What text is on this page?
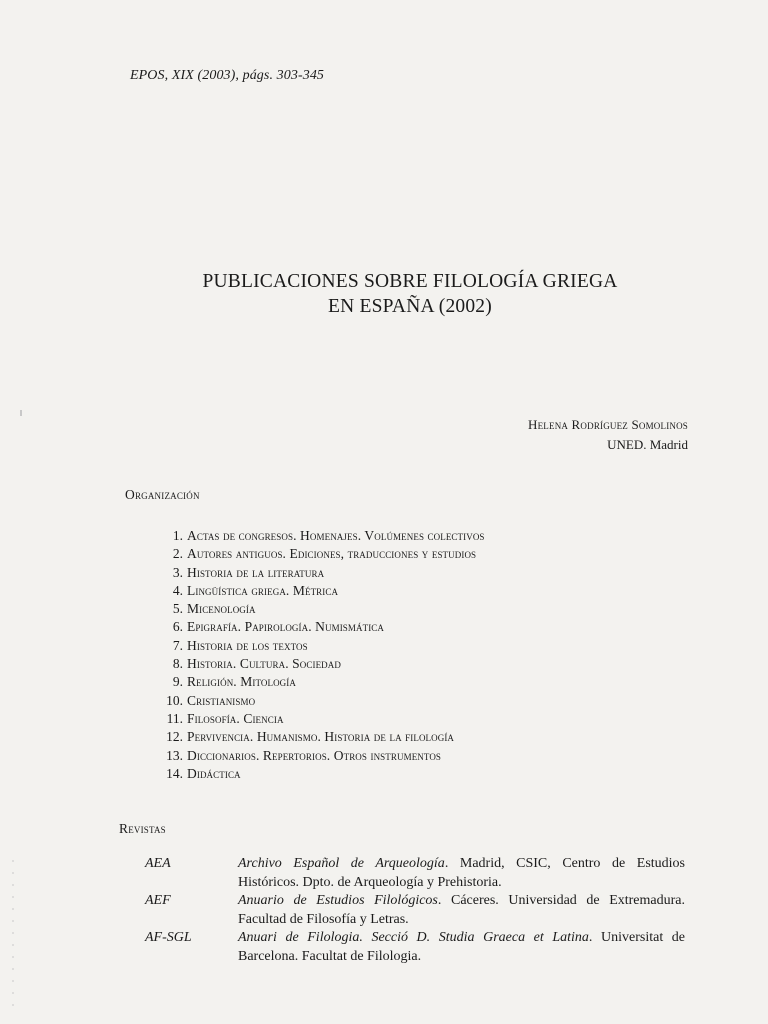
EPOS, XIX (2003), págs. 303-345
PUBLICACIONES SOBRE FILOLOGÍA GRIEGA
EN ESPAÑA (2002)
Helena Rodríguez Somolinos
UNED. Madrid
Organización
1. Actas de congresos. Homenajes. Volúmenes colectivos
2. Autores antiguos. Ediciones, traducciones y estudios
3. Historia de la literatura
4. Lingüística griega. Métrica
5. Micenología
6. Epigrafía. Papirología. Numismática
7. Historia de los textos
8. Historia. Cultura. Sociedad
9. Religión. Mitología
10. Cristianismo
11. Filosofía. Ciencia
12. Pervivencia. Humanismo. Historia de la filología
13. Diccionarios. Repertorios. Otros instrumentos
14. Didáctica
Revistas
AEA	Archivo Español de Arqueología. Madrid, CSIC, Centro de Estudios Históricos. Dpto. de Arqueología y Prehistoria.
AEF	Anuario de Estudios Filológicos. Cáceres. Universidad de Extremadura. Facultad de Filosofía y Letras.
AF-SGL	Anuari de Filologia. Secció D. Studia Graeca et Latina. Universitat de Barcelona. Facultat de Filologia.
